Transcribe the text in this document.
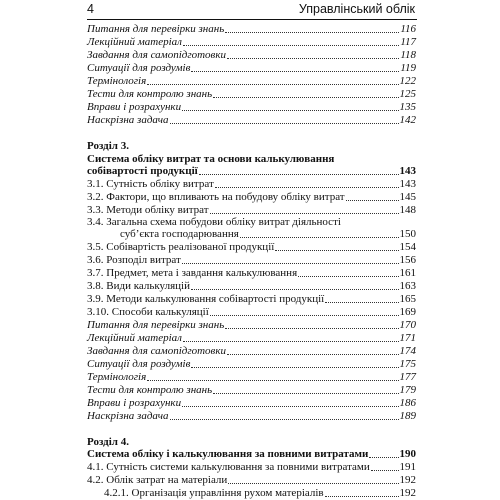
4	Управлінський облік
Питання для перевірки знань	116
Лекційний матеріал	117
Завдання для самопідготовки	118
Ситуації для роздумів	119
Термінологія	122
Тести для контролю знань	125
Вправи і розрахунки	135
Наскрізна задача	142
Розділ 3.
Система обліку витрат та основи калькулювання
собівартості продукції	143
3.1. Сутність обліку витрат	143
3.2. Фактори, що впливають на побудову обліку витрат	145
3.3. Методи обліку витрат	148
3.4. Загальна схема побудови обліку витрат діяльності
суб’єкта господарювання	150
3.5. Собівартість реалізованої продукції	154
3.6. Розподіл витрат	156
3.7. Предмет, мета і завдання калькулювання	161
3.8. Види калькуляцій	163
3.9. Методи калькулювання собівартості продукції	165
3.10. Способи калькуляції	169
Питання для перевірки знань	170
Лекційний матеріал	171
Завдання для самопідготовки	174
Ситуації для роздумів	175
Термінологія	177
Тести для контролю знань	179
Вправи і розрахунки	186
Наскрізна задача	189
Розділ 4.
Система обліку і калькулювання за повними витратами	190
4.1. Сутність системи калькулювання за повними витратами	191
4.2. Облік затрат на матеріали	192
4.2.1. Організація управління рухом матеріалів	192
